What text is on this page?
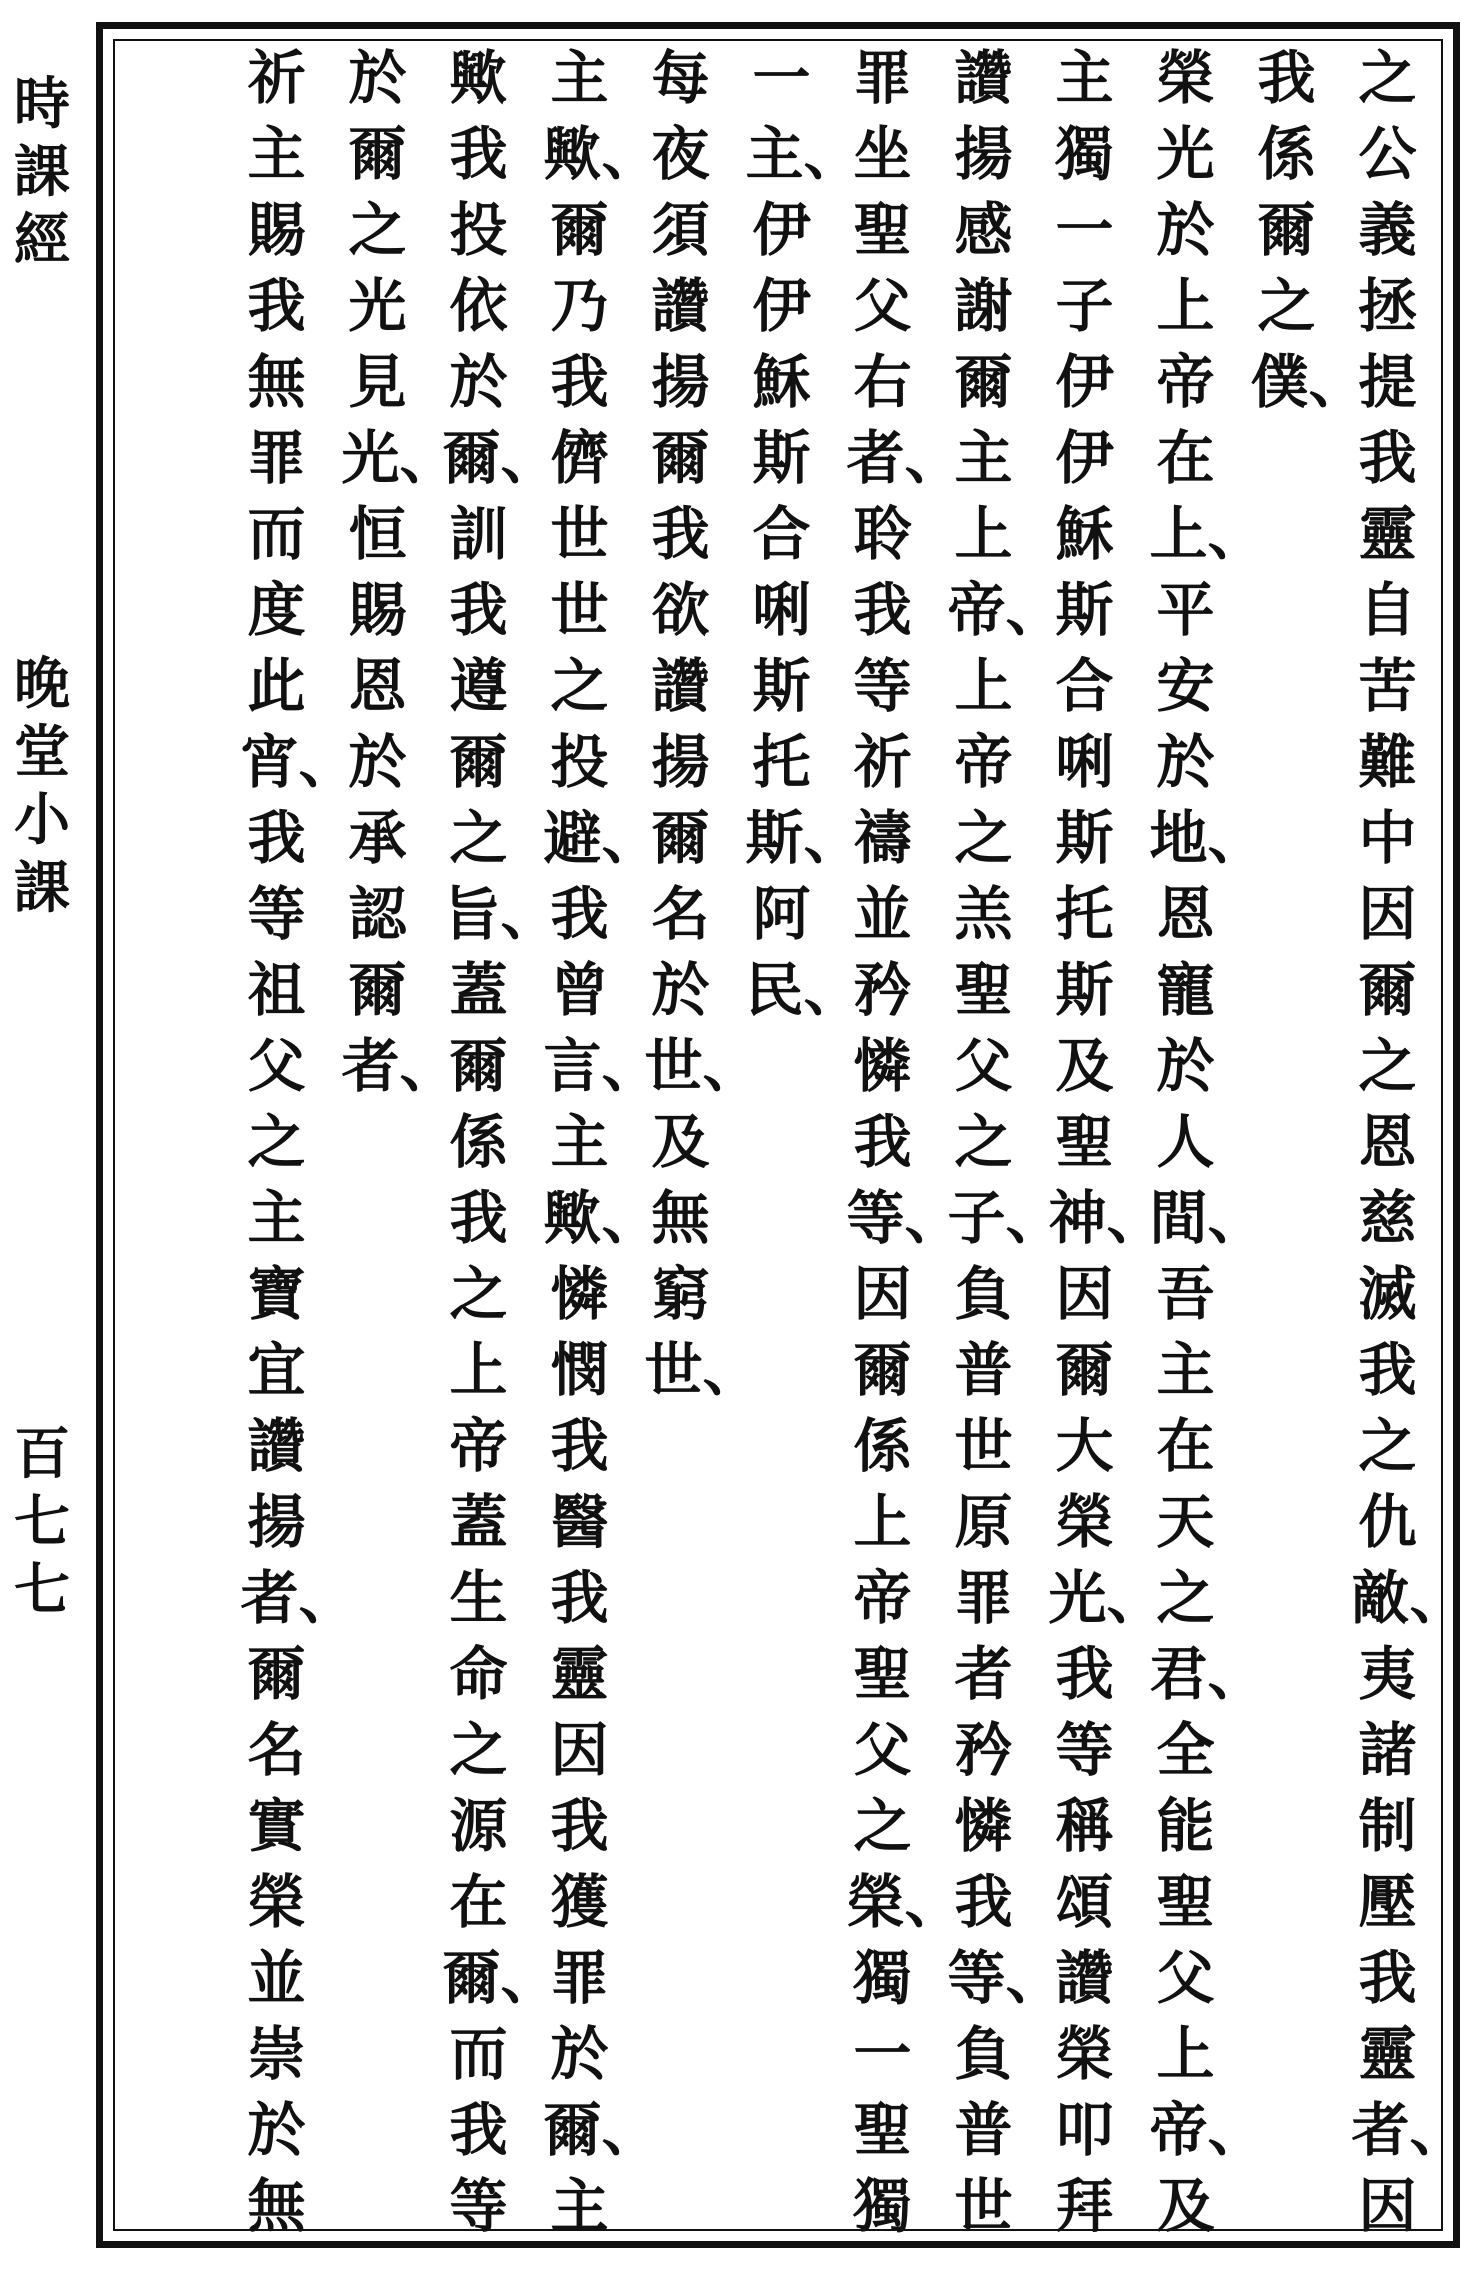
時
課
經
晚
堂
小
課
百
七
七
之
公
義
拯
提
我
靈
自
苦
難
中
因
爾
之
恩
慈
滅
我
之
仇
敵、
夷
諸
制
壓
我
靈
者、
因
我
係
爾
之
僕、
榮
光
於
上
帝
在
上、
平
安
於
地、
恩
寵
於
人
間、
吾
主
在
天
之
君、
全
能
聖
父
上
帝、
及
主
獨
一
子
伊
伊
穌
斯
合
唎
斯
托
斯
及
聖
神、
因
爾
大
榮
光、
我
等
稱
頌
讚
榮
叩
拜
讚
揚
感
謝
爾
主
上
帝、
上
帝
之
羔
聖
父
之
子、
負
普
世
原
罪
者
矜
憐
我
等、
負
普
世
罪
坐
聖
父
右
者、
聆
我
等
祈
禱
並
矜
憐
我
等、
因
爾
係
上
帝
聖
父
之
榮、
獨
一
聖
獨
一
主、
伊
伊
穌
斯
合
唎
斯
托
斯、
阿
民、
每
夜
須
讚
揚
爾
我
欲
讚
揚
爾
名
於
世、
及
無
窮
世、
主
歟、
爾
乃
我
儕
世
世
之
投
避、
我
曾
言、
主
歟、
憐
憫
我
醫
我
靈
因
我
獲
罪
於
爾、
主
歟
我
投
依
於
爾、
訓
我
遵
爾
之
旨、
蓋
爾
係
我
之
上
帝
蓋
生
命
之
源
在
爾、
而
我
等
於
爾
之
光
見
光、
恒
賜
恩
於
承
認
爾
者、
祈
主
賜
我
無
罪
而
度
此
宵、
我
等
祖
父
之
主
寶
宜
讚
揚
者、
爾
名
實
榮
並
崇
於
無
